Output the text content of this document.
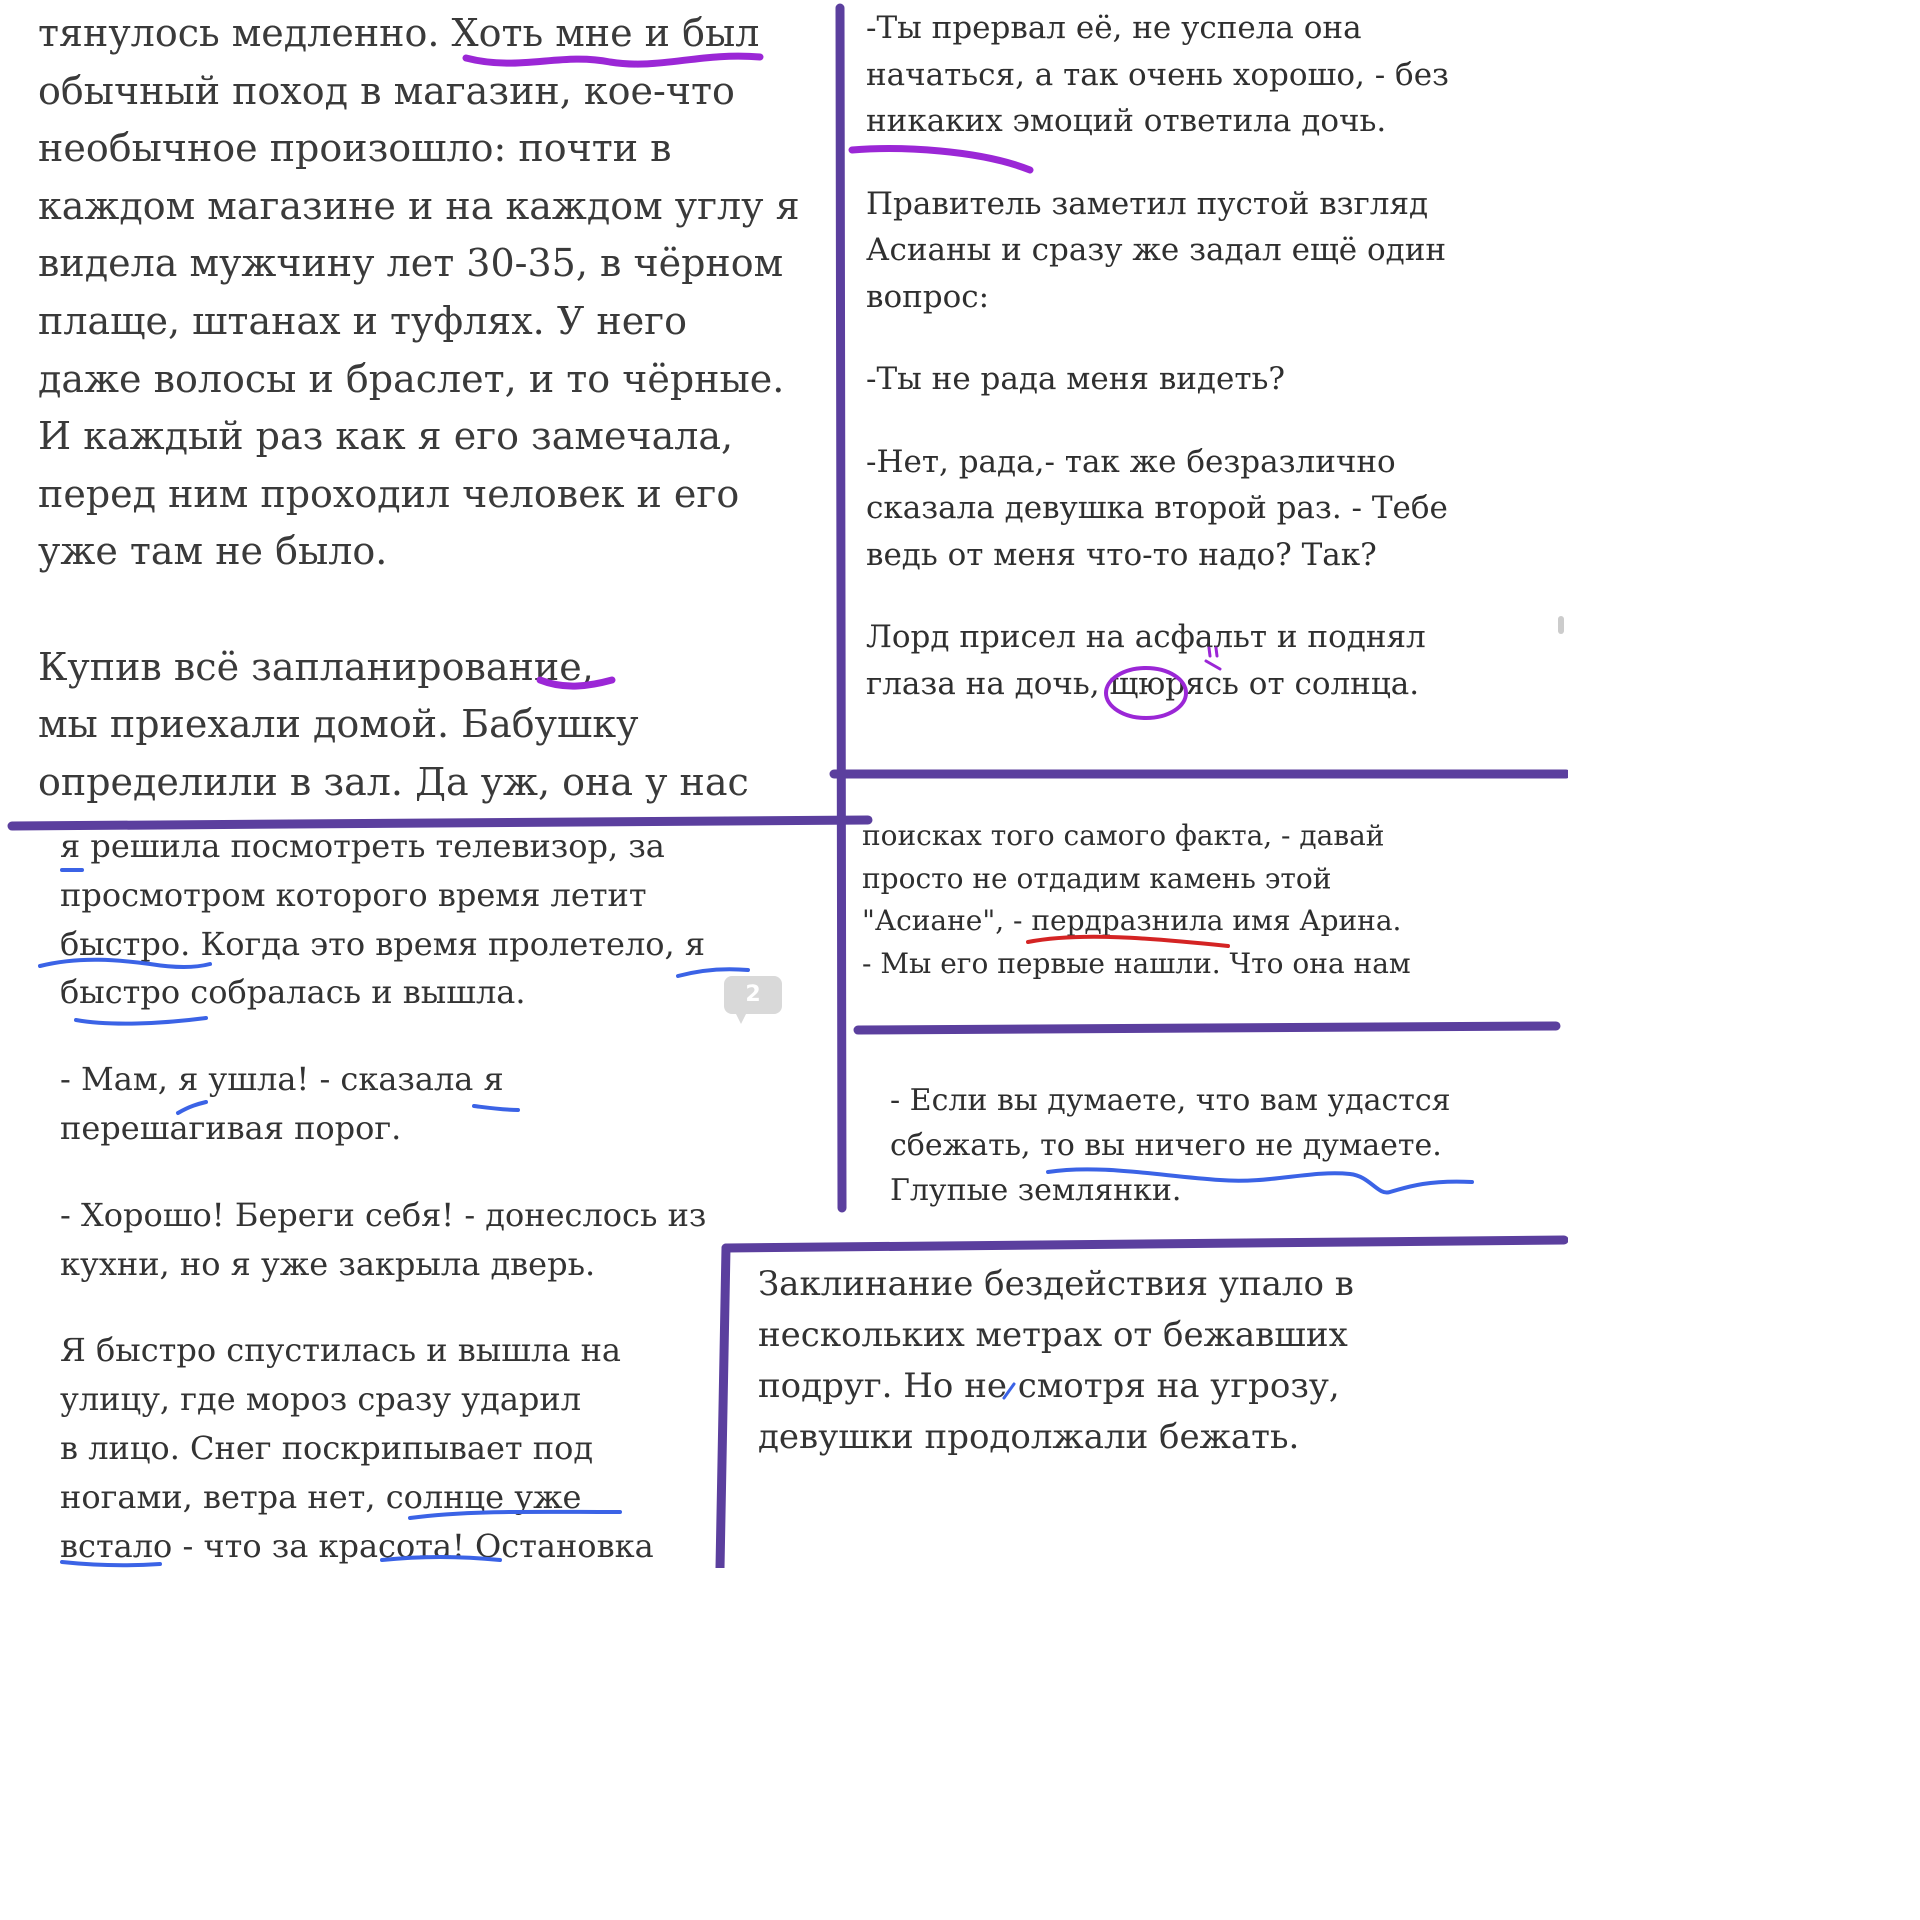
тянулось медленно. Хоть мне и был

обычный поход в магазин, кое-что

необычное произошло: почти в

каждом магазине и на каждом углу я

видела мужчину лет 30-35, в чёрном

плаще, штанах и туфлях. У него

даже волосы и браслет, и то чёрные.

И каждый раз как я его замечала,

перед ним проходил человек и его

уже там не было.

Купив всё запланирование,

мы приехали домой. Бабушку

определили в зал. Да уж, она у нас

-Ты прервал её, не успела она

начаться, а так очень хорошо, - без

никаких эмоций ответила дочь.

Правитель заметил пустой взгляд

Асианы и сразу же задал ещё один

вопрос:

-Ты не рада меня видеть?

-Нет, рада,- так же безразлично

сказала девушка второй раз. - Тебе

ведь от меня что-то надо? Так?

Лорд присел на асфальт и поднял

глаза на дочь, щюрясь от солнца.

я решила посмотреть телевизор, за

просмотром которого время летит

быстро. Когда это время пролетело, я

быстро собралась и вышла.

- Мам, я ушла! - сказала я

перешагивая порог.

- Хорошо! Береги себя! - донеслось из

кухни, но я уже закрыла дверь.

Я быстро спустилась и вышла на

улицу, где мороз сразу ударил

в лицо. Снег поскрипывает под

ногами, ветра нет, солнце уже

встало - что за красота! Остановка

2

поисках того самого факта, - давай

просто не отдадим камень этой

"Асиане", - пердразнила имя Арина.

- Мы его первые нашли. Что она нам

- Если вы думаете, что вам удастся

сбежать, то вы ничего не думаете.

Глупые землянки.

Заклинание бездействия упало в

нескольких метрах от бежавших

подруг. Но не смотря на угрозу,

девушки продолжали бежать.
